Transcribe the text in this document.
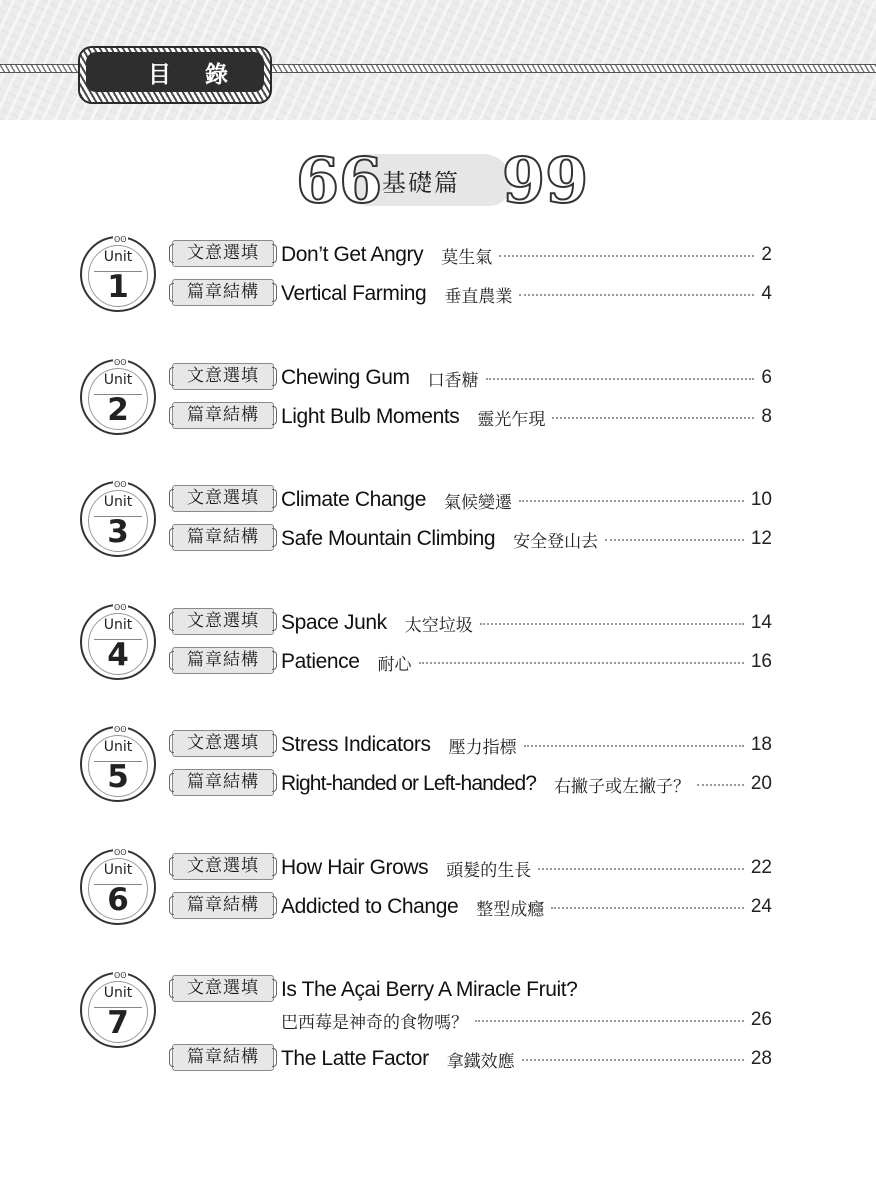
目 錄
66 基礎篇 99
ʘʘ
Unit
1
文意選填	Don’t Get Angry 莫生氣	2
篇章結構	Vertical Farming 垂直農業	4
ʘʘ
Unit
2
文意選填	Chewing Gum 口香糖	6
篇章結構	Light Bulb Moments 靈光乍現	8
ʘʘ
Unit
3
文意選填	Climate Change 氣候變遷	10
篇章結構	Safe Mountain Climbing 安全登山去	12
ʘʘ
Unit
4
文意選填	Space Junk 太空垃圾	14
篇章結構	Patience 耐心	16
ʘʘ
Unit
5
文意選填	Stress Indicators 壓力指標	18
篇章結構	Right-handed or Left-handed? 右撇子或左撇子？	20
ʘʘ
Unit
6
文意選填	How Hair Grows 頭髮的生長	22
篇章結構	Addicted to Change 整型成癮	24
ʘʘ
Unit
7
文意選填	Is The Açai Berry A Miracle Fruit?
巴西莓是神奇的食物嗎？	26
篇章結構	The Latte Factor 拿鐵效應	28
